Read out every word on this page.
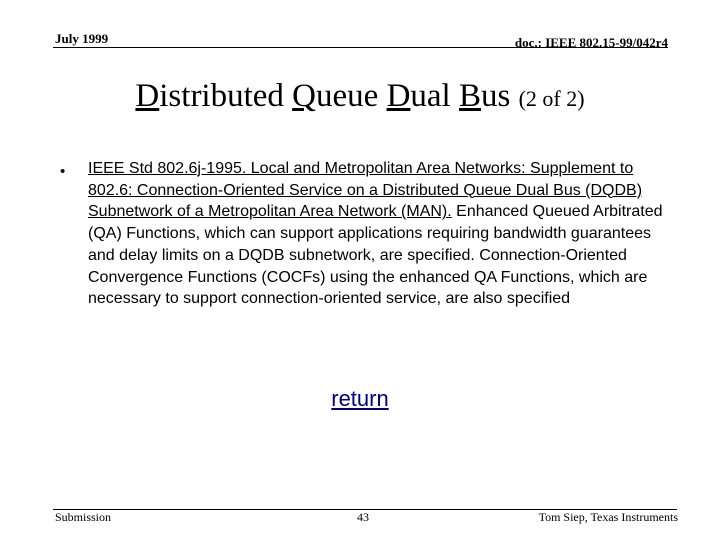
July 1999	doc.: IEEE 802.15-99/042r4
Distributed Queue Dual Bus (2 of 2)
• IEEE Std 802.6j-1995. Local and Metropolitan Area Networks: Supplement to 802.6: Connection-Oriented Service on a Distributed Queue Dual Bus (DQDB) Subnetwork of a Metropolitan Area Network (MAN). Enhanced Queued Arbitrated (QA) Functions, which can support applications requiring bandwidth guarantees and delay limits on a DQDB subnetwork, are specified. Connection-Oriented Convergence Functions (COCFs) using the enhanced QA Functions, which are necessary to support connection-oriented service, are also specified
return
Submission	43	Tom Siep, Texas Instruments
